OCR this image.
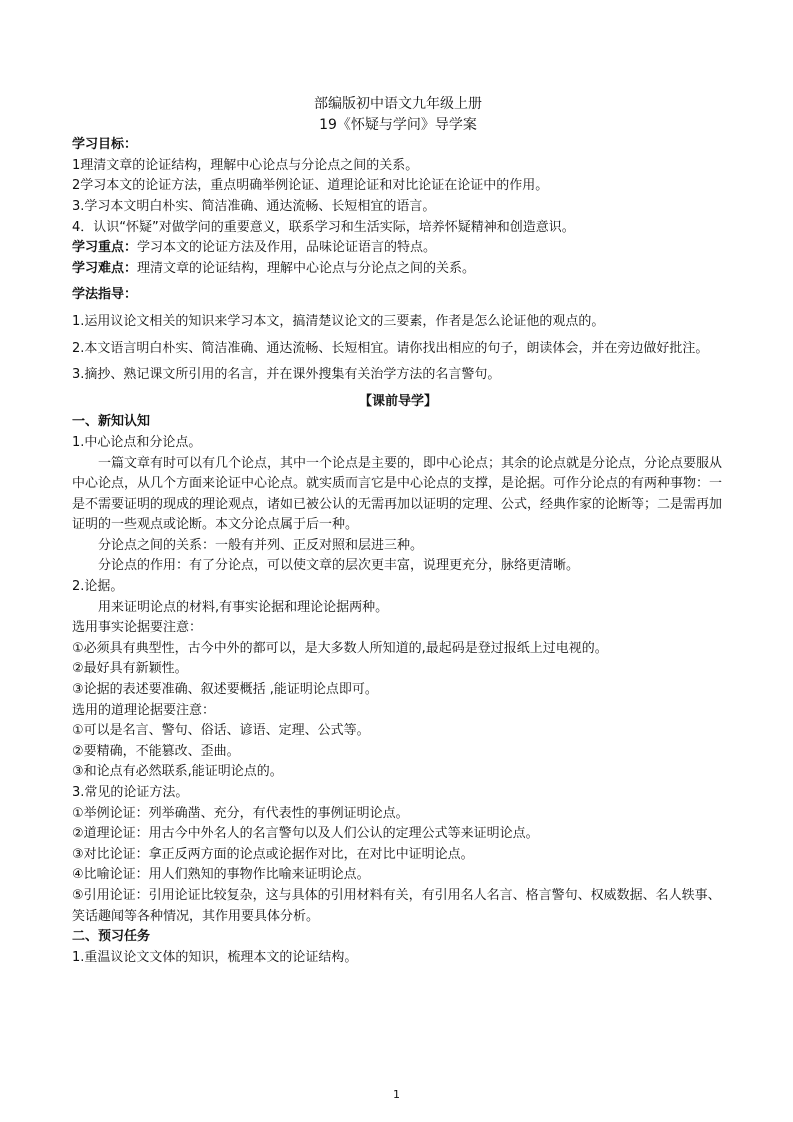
部编版初中语文九年级上册

19《怀疑与学问》导学案

学习目标：

1理清文章的论证结构，理解中心论点与分论点之间的关系。

2学习本文的论证方法，重点明确举例论证、道理论证和对比论证在论证中的作用。

3.学习本文明白朴实、简洁准确、通达流畅、长短相宜的语言。

4．认识“怀疑”对做学问的重要意义，联系学习和生活实际，培养怀疑精神和创造意识。

学习重点：学习本文的论证方法及作用，品味论证语言的特点。

学习难点：理清文章的论证结构，理解中心论点与分论点之间的关系。

学法指导：

1.运用议论文相关的知识来学习本文，搞清楚议论文的三要素，作者是怎么论证他的观点的。

2.本文语言明白朴实、简洁准确、通达流畅、长短相宜。请你找出相应的句子，朗读体会，并在旁边做好批注。

3.摘抄、熟记课文所引用的名言，并在课外搜集有关治学方法的名言警句。

【课前导学】

一、新知认知

1.中心论点和分论点。

一篇文章有时可以有几个论点，其中一个论点是主要的，即中心论点；其余的论点就是分论点，分论点要服从中心论点，从几个方面来论证中心论点。就实质而言它是中心论点的支撑，是论据。可作分论点的有两种事物：一是不需要证明的现成的理论观点，诸如已被公认的无需再加以证明的定理、公式，经典作家的论断等；二是需再加证明的一些观点或论断。本文分论点属于后一种。

分论点之间的关系：一般有并列、正反对照和层进三种。

分论点的作用：有了分论点，可以使文章的层次更丰富，说理更充分，脉络更清晰。

2.论据。

用来证明论点的材料,有事实论据和理论论据两种。

选用事实论据要注意：

①必须具有典型性，古今中外的都可以，是大多数人所知道的,最起码是登过报纸上过电视的。

②最好具有新颖性。

③论据的表述要准确、叙述要概括 ,能证明论点即可。

选用的道理论据要注意：

①可以是名言、警句、俗话、谚语、定理、公式等。

②要精确，不能篡改、歪曲。

③和论点有必然联系,能证明论点的。

3.常见的论证方法。

①举例论证：列举确凿、充分，有代表性的事例证明论点。

②道理论证：用古今中外名人的名言警句以及人们公认的定理公式等来证明论点。

③对比论证：拿正反两方面的论点或论据作对比，在对比中证明论点。

④比喻论证：用人们熟知的事物作比喻来证明论点。

⑤引用论证：引用论证比较复杂，这与具体的引用材料有关，有引用名人名言、格言警句、权威数据、名人轶事、笑话趣闻等各种情况，其作用要具体分析。

二、预习任务

1.重温议论文文体的知识，梳理本文的论证结构。

1
